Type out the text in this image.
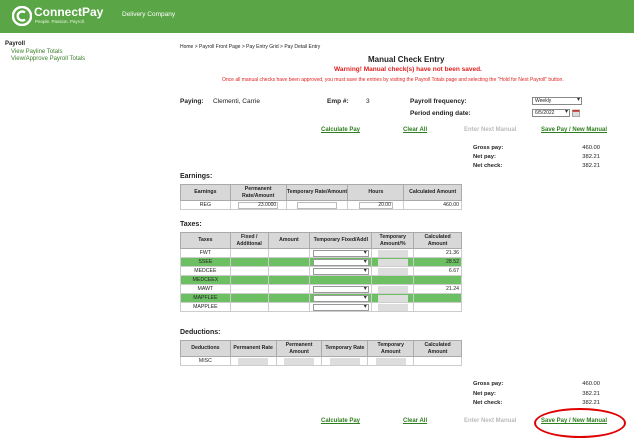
ConnectPay
People. Passion. Payroll.
Delivery Company
Payroll
View Payline Totals
View/Approve Payroll Totals
Home > Payroll Front Page > Pay Entry Grid > Pay Detail Entry
Manual Check Entry
Warning! Manual check(s) have not been saved.
Once all manual checks have been approved, you must save the entries by visiting the Payroll Totals page and selecting the "Hold for Next Payroll" button.
Paying: Clementi, Carrie	Emp #:	3	Payroll frequency:	Weekly ▾
Period ending date:	6/5/2022 ▾
Calculate Pay	Clear All	Enter Next Manual	Save Pay / New Manual
Gross pay:	460.00
Net pay:	382.21
Net check:	382.21
Earnings:
Earnings	Permanent Rate/Amount	Temporary Rate/Amount	Hours	Calculated Amount
REG	23.0000		20.00	460.00
Taxes:
Taxes	Fixed / Additional	Amount	Temporary Fixed/Addl	Temporary Amount/%	Calculated Amount
FWT			▾		21.36
SSEE			▾		28.52
MEDCEE			▾		6.67
MEDCEEX					
MAWT			▾		21.24
MAPFLEE			▾		
MAPPLEE			▾		
Deductions:
Deductions	Permanent Rate	Permanent Amount	Temporary Rate	Temporary Amount	Calculated Amount
MISC					
Gross pay:	460.00
Net pay:	382.21
Net check:	382.21
Calculate Pay	Clear All	Enter Next Manual	Save Pay / New Manual
